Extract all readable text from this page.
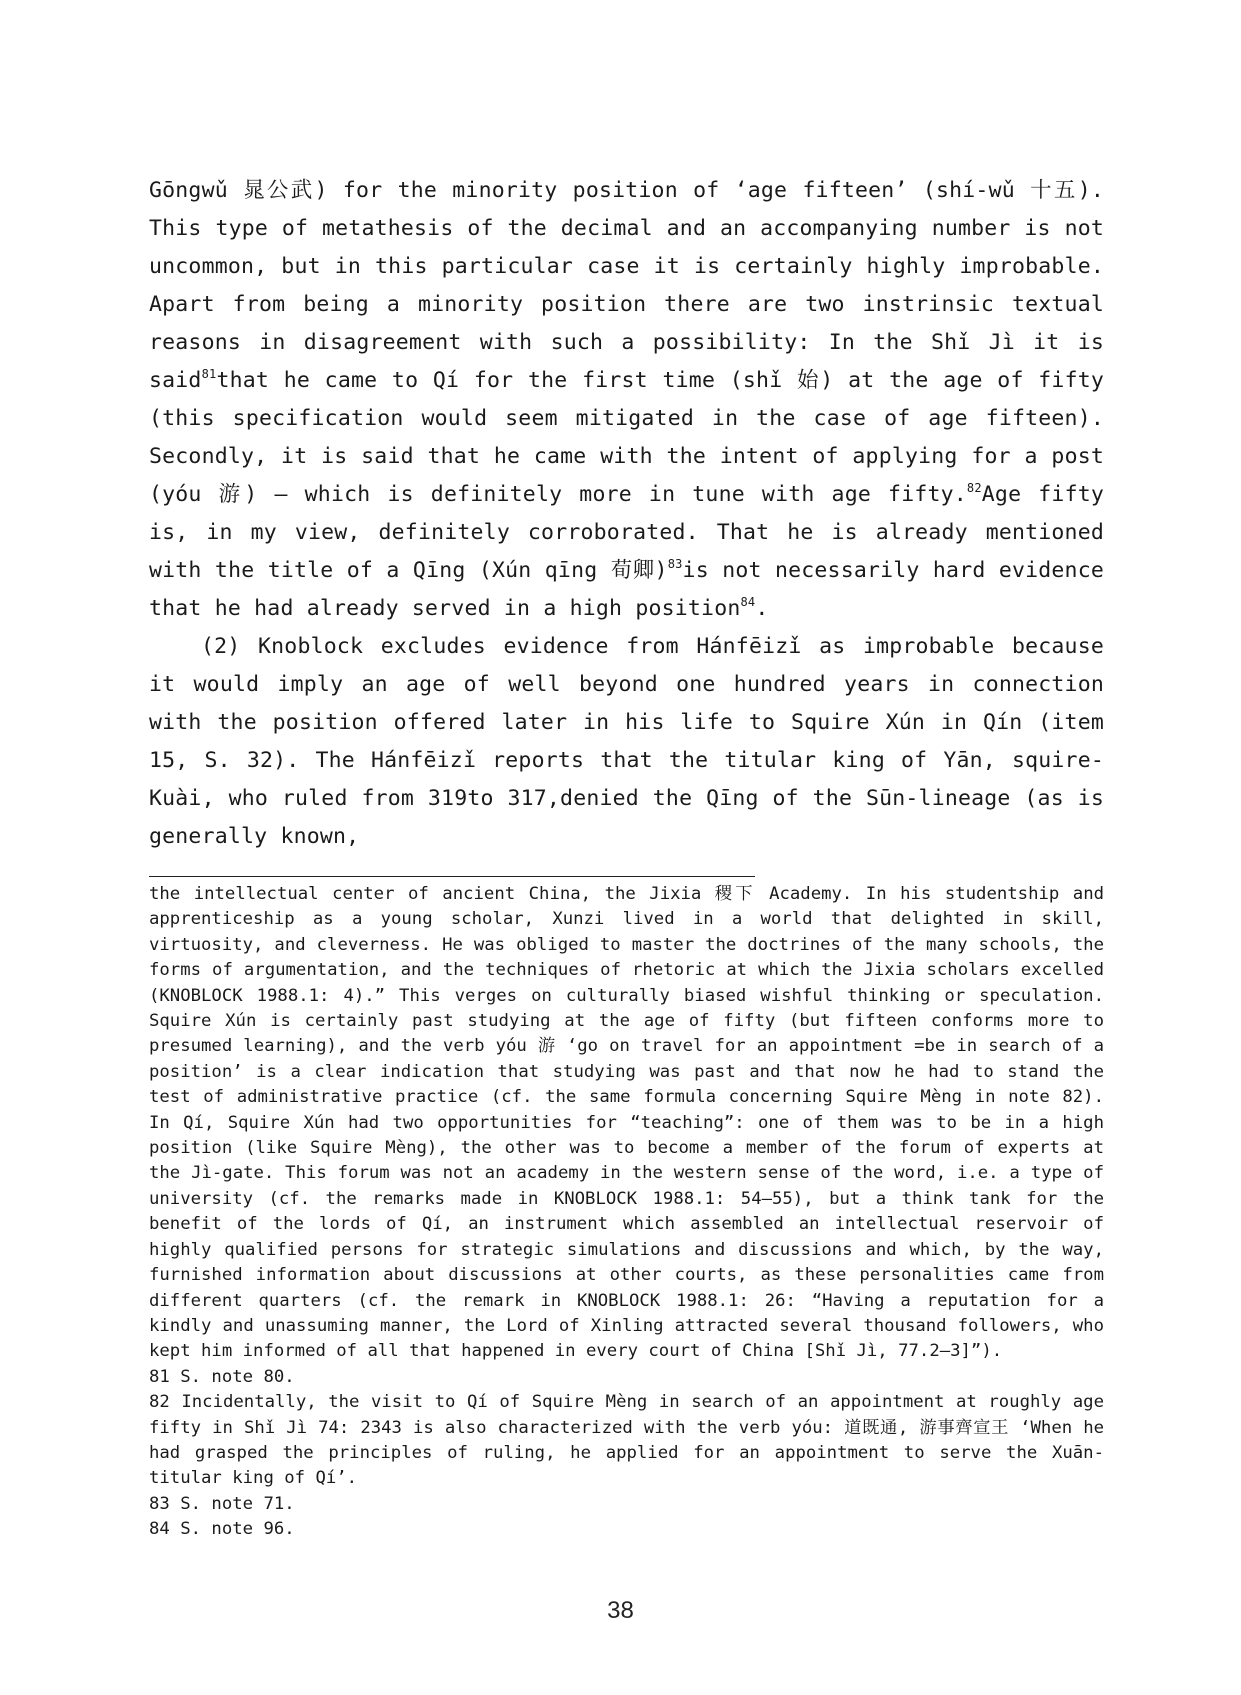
Gōngwǔ 晁公武) for the minority position of ‘age fifteen’ (shí-wǔ 十五). This type of metathesis of the decimal and an accompanying number is not uncommon, but in this particular case it is certainly highly improbable. Apart from being a minority position there are two instrinsic textual reasons in disagreement with such a possibility: In the Shǐ Jì it is said$^{81}$that he came to Qí for the first time (shǐ 始) at the age of fifty (this specification would seem mitigated in the case of age fifteen). Secondly, it is said that he came with the intent of applying for a post (yóu 游) – which is definitely more in tune with age fifty.$^{82}$Age fifty is, in my view, definitely corroborated. That he is already mentioned with the title of a Qīng (Xún qīng 荀卿)$^{83}$is not necessarily hard evidence that he had already served in a high position$^{84}$.

(2) Knoblock excludes evidence from Hánfēizǐ as improbable because it would imply an age of well beyond one hundred years in connection with the position offered later in his life to Squire Xún in Qín (item 15, S. 32). The Hánfēizǐ reports that the titular king of Yān, squire-Kuài, who ruled from 319to 317,denied the Qīng of the Sūn-lineage (as is generally known,

the intellectual center of ancient China, the Jixia 稷下 Academy. In his studentship and apprenticeship as a young scholar, Xunzi lived in a world that delighted in skill, virtuosity, and cleverness. He was obliged to master the doctrines of the many schools, the forms of argumentation, and the techniques of rhetoric at which the Jixia scholars excelled (KNOBLOCK 1988.1: 4).” This verges on culturally biased wishful thinking or speculation. Squire Xún is certainly past studying at the age of fifty (but fifteen conforms more to presumed learning), and the verb yóu 游 ‘go on travel for an appointment =be in search of a position’ is a clear indication that studying was past and that now he had to stand the test of administrative practice (cf. the same formula concerning Squire Mèng in note 82). In Qí, Squire Xún had two opportunities for “teaching”: one of them was to be in a high position (like Squire Mèng), the other was to become a member of the forum of experts at the Jì-gate. This forum was not an academy in the western sense of the word, i.e. a type of university (cf. the remarks made in KNOBLOCK 1988.1: 54–55), but a think tank for the benefit of the lords of Qí, an instrument which assembled an intellectual reservoir of highly qualified persons for strategic simulations and discussions and which, by the way, furnished information about discussions at other courts, as these personalities came from different quarters (cf. the remark in KNOBLOCK 1988.1: 26: “Having a reputation for a kindly and unassuming manner, the Lord of Xinling attracted several thousand followers, who kept him informed of all that happened in every court of China [Shǐ Jì, 77.2–3]”).

81 S. note 80.

82 Incidentally, the visit to Qí of Squire Mèng in search of an appointment at roughly age fifty in Shǐ Jì 74: 2343 is also characterized with the verb yóu: 道既通, 游事齊宣王 ‘When he had grasped the principles of ruling, he applied for an appointment to serve the Xuān-titular king of Qí’.

83 S. note 71.

84 S. note 96.

38
